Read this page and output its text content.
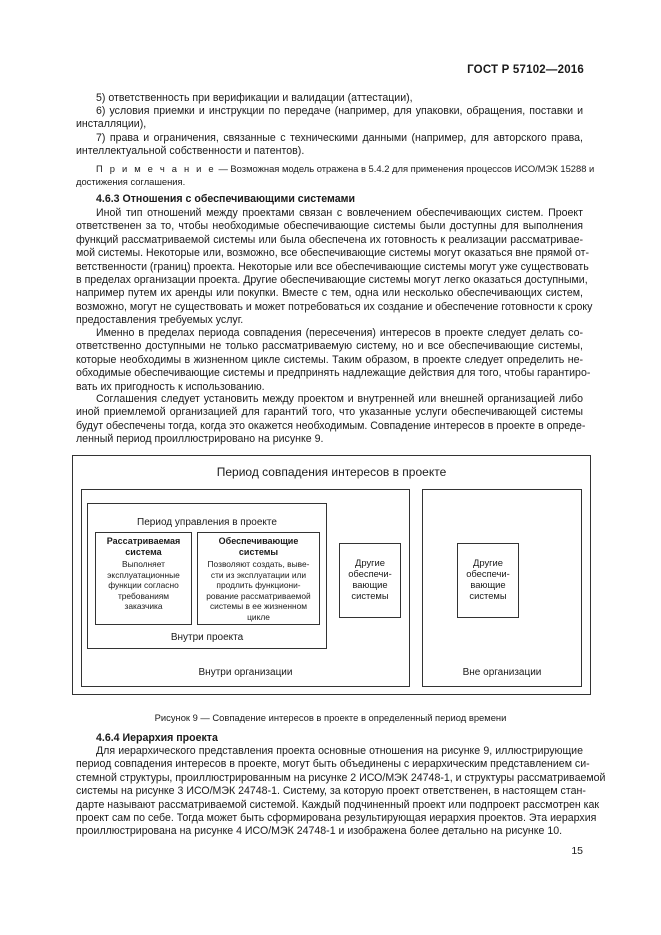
ГОСТ Р 57102—2016
5) ответственность при верификации и валидации (аттестации),
6) условия приемки и инструкции по передаче (например, для упаковки, обращения, поставки и
инсталляции),
7) права и ограничения, связанные с техническими данными (например, для авторского права,
интеллектуальной собственности и патентов).
П р и м е ч а н и е — Возможная модель отражена в 5.4.2 для применения процессов ИСО/МЭК 15288 и
достижения соглашения.
4.6.3 Отношения с обеспечивающими системами
Иной тип отношений между проектами связан с вовлечением обеспечивающих систем. Проект
ответственен за то, чтобы необходимые обеспечивающие системы были доступны для выполнения
функций рассматриваемой системы или была обеспечена их готовность к реализации рассматривае-
мой системы. Некоторые или, возможно, все обеспечивающие системы могут оказаться вне прямой от-
ветственности (границ) проекта. Некоторые или все обеспечивающие системы могут уже существовать
в пределах организации проекта. Другие обеспечивающие системы могут легко оказаться доступными,
например путем их аренды или покупки. Вместе с тем, одна или несколько обеспечивающих систем,
возможно, могут не существовать и может потребоваться их создание и обеспечение готовности к сроку
предоставления требуемых услуг.
Именно в пределах периода совпадения (пересечения) интересов в проекте следует делать со-
ответственно доступными не только рассматриваемую систему, но и все обеспечивающие системы,
которые необходимы в жизненном цикле системы. Таким образом, в проекте следует определить не-
обходимые обеспечивающие системы и предпринять надлежащие действия для того, чтобы гарантиро-
вать их пригодность к использованию.
Соглашения следует установить между проектом и внутренней или внешней организацией либо
иной приемлемой организацией для гарантий того, что указанные услуги обеспечивающей системы
будут обеспечены тогда, когда это окажется необходимым. Совпадение интересов в проекте в опреде-
ленный период проиллюстрировано на рисунке 9.
Период совпадения интересов в проекте
Период управления в проекте
Рассатриваемая
система
Выполняет
эксплуатационные
функции согласно
требованиям
заказчика
Обеспечивающие
системы
Позволяют создать, выве-
сти из эксплуатации или
продлить функциони-
рование рассматриваемой
системы в ее жизненном
цикле
Внутри проекта
Другие
обеспечи-
вающие
системы
Внутри организации
Другие
обеспечи-
вающие
системы
Вне организации
Рисунок 9 — Совпадение интересов в проекте в определенный период времени
4.6.4 Иерархия проекта
Для иерархического представления проекта основные отношения на рисунке 9, иллюстрирующие
период совпадения интересов в проекте, могут быть объединены с иерархическим представлением си-
стемной структуры, проиллюстрированным на рисунке 2 ИСО/МЭК 24748-1, и структуры рассматриваемой
системы на рисунке 3 ИСО/МЭК 24748-1. Систему, за которую проект ответственен, в настоящем стан-
дарте называют рассматриваемой системой. Каждый подчиненный проект или подпроект рассмотрен как
проект сам по себе. Тогда может быть сформирована результирующая иерархия проектов. Эта иерархия
проиллюстрирована на рисунке 4 ИСО/МЭК 24748-1 и изображена более детально на рисунке 10.
15
